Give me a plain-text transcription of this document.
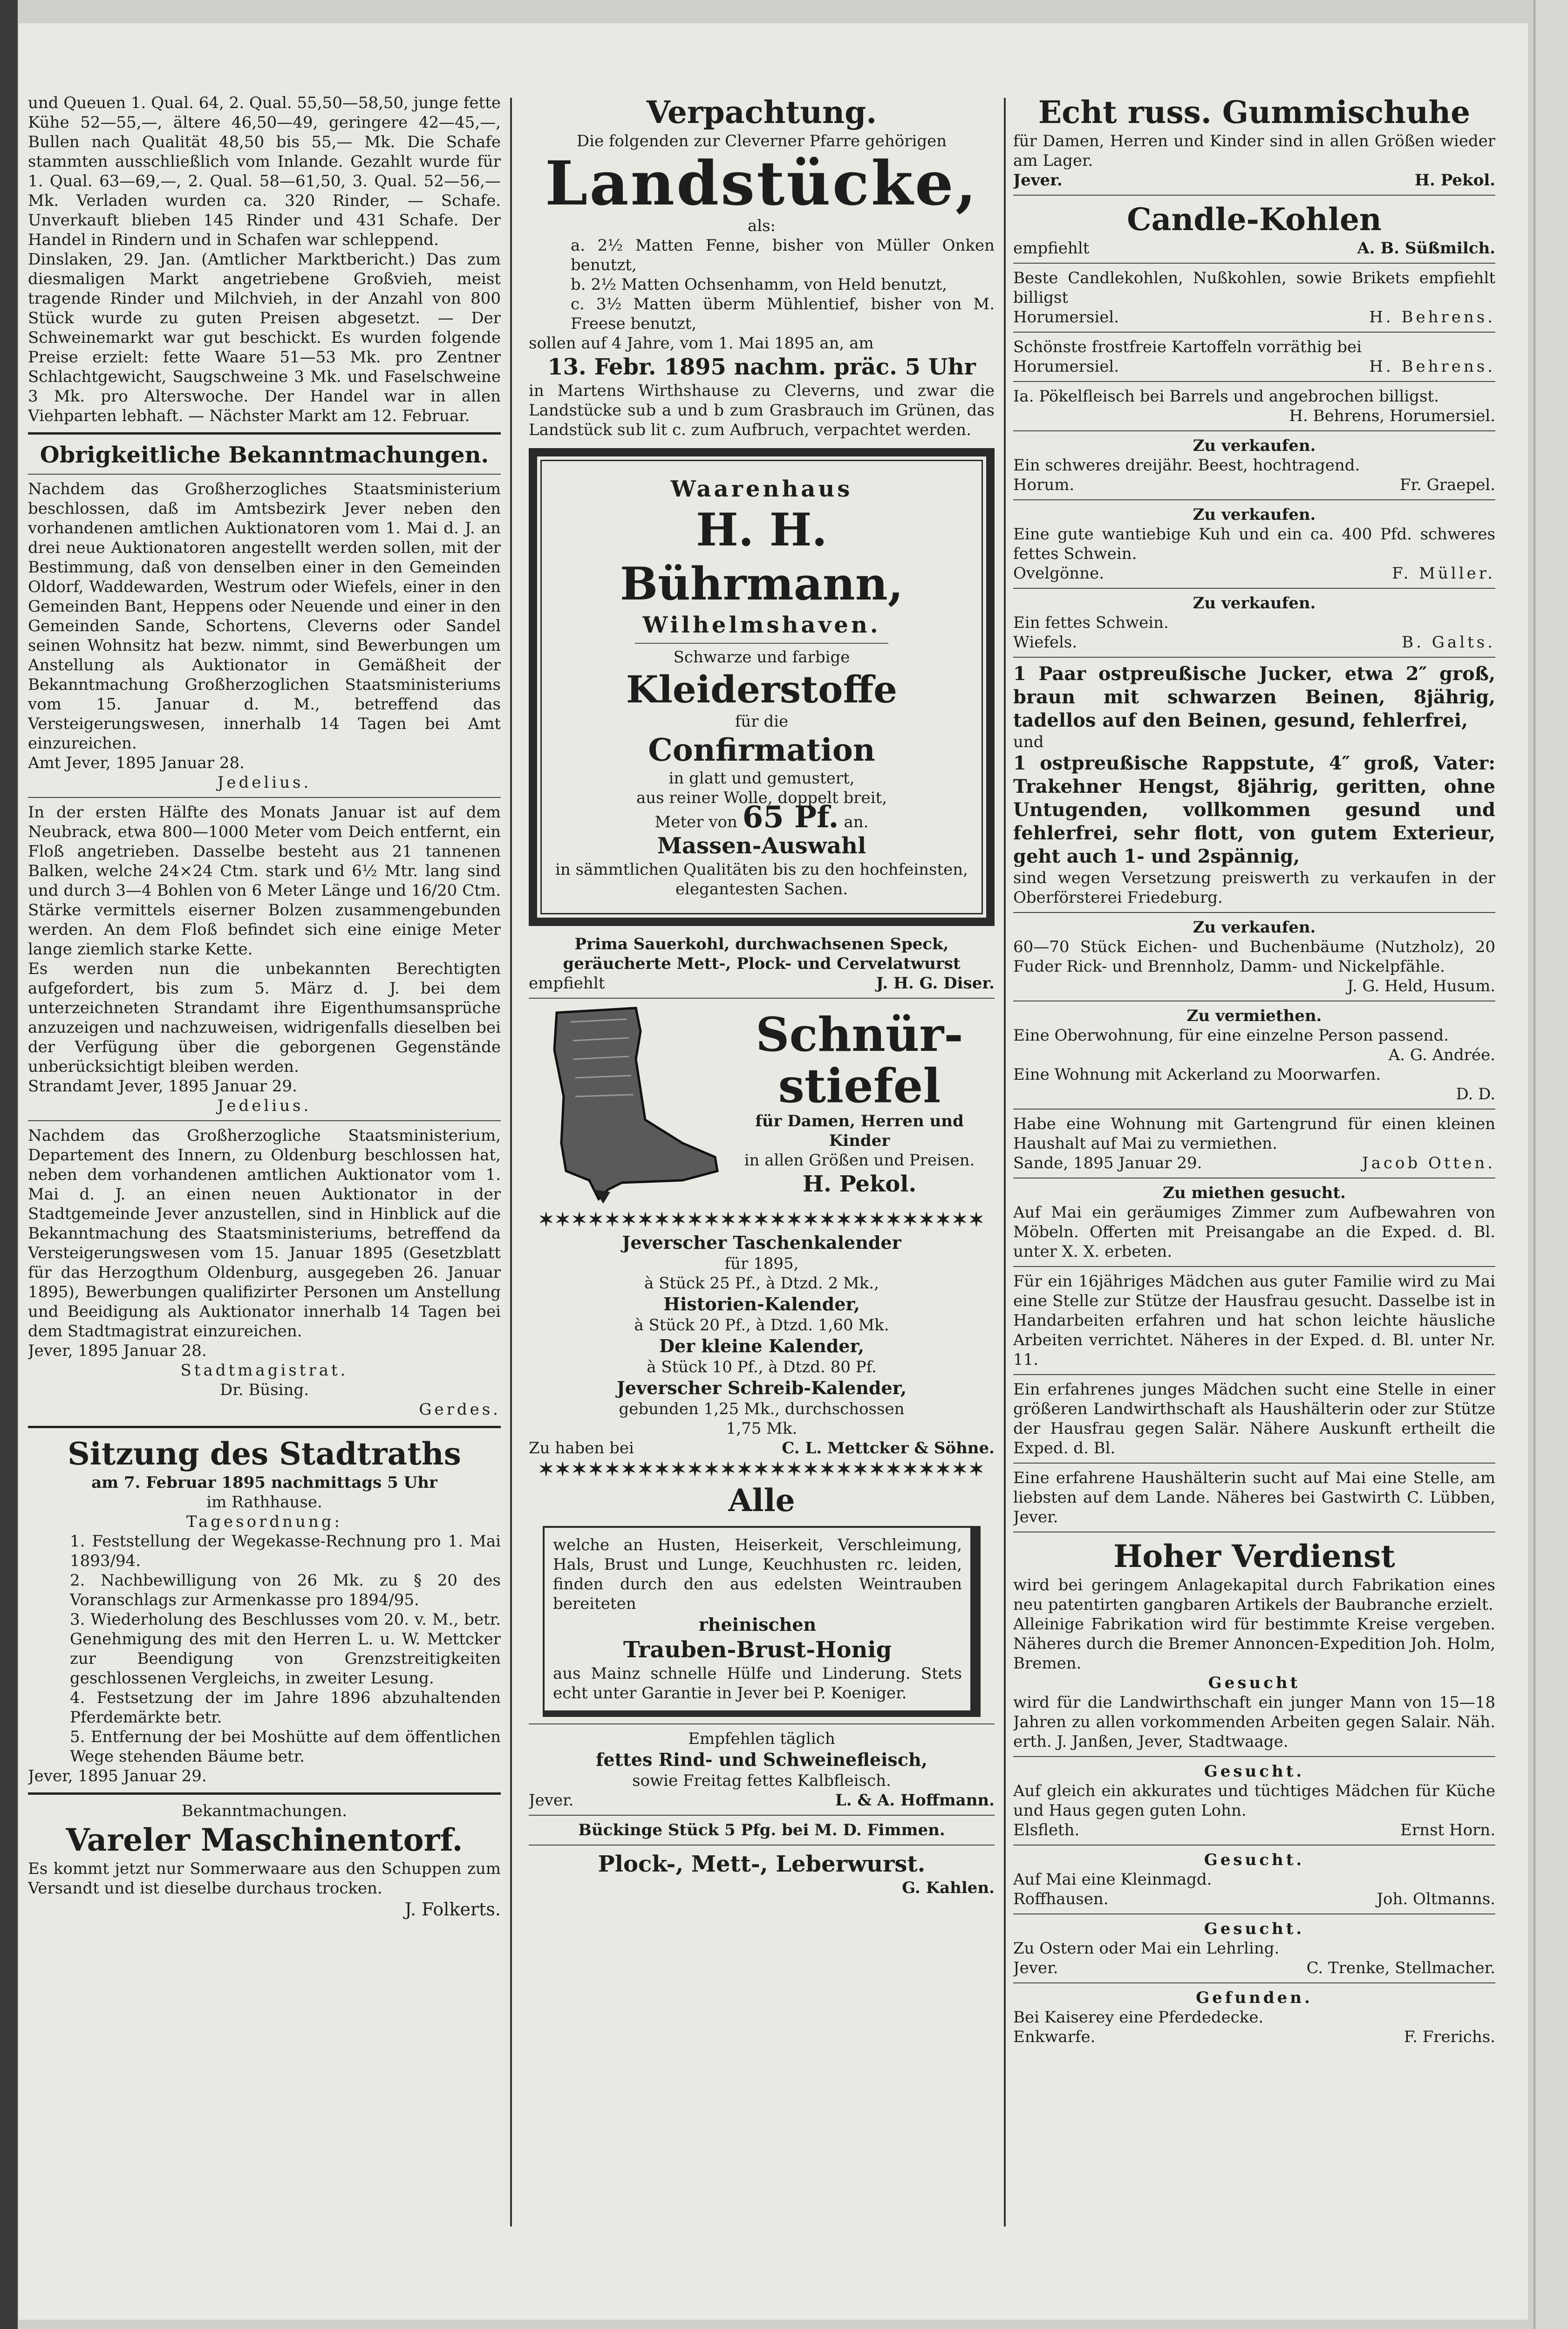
und Queuen 1. Qual. 64, 2. Qual. 55,50—58,50, junge fette Kühe 52—55,—, ältere 46,50—49, geringere 42—45,—, Bullen nach Qualität 48,50 bis 55,— Mk. Die Schafe stammten ausschließlich vom Inlande. Gezahlt wurde für 1. Qual. 63—69,—, 2. Qual. 58—61,50, 3. Qual. 52—56,— Mk. Verladen wurden ca. 320 Rinder, — Schafe. Unverkauft blieben 145 Rinder und 431 Schafe. Der Handel in Rindern und in Schafen war schleppend.

Dinslaken, 29. Jan. (Amtlicher Marktbericht.) Das zum diesmaligen Markt angetriebene Großvieh, meist tragende Rinder und Milchvieh, in der Anzahl von 800 Stück wurde zu guten Preisen abgesetzt. — Der Schweinemarkt war gut beschickt. Es wurden folgende Preise erzielt: fette Waare 51—53 Mk. pro Zentner Schlachtgewicht, Saugschweine 3 Mk. und Faselschweine 3 Mk. pro Alterswoche. Der Handel war in allen Viehparten lebhaft. — Nächster Markt am 12. Februar.

Obrigkeitliche Bekanntmachungen.

Nachdem das Großherzogliches Staatsministerium beschlossen, daß im Amtsbezirk Jever neben den vorhandenen amtlichen Auktionatoren vom 1. Mai d. J. an drei neue Auktionatoren angestellt werden sollen, mit der Bestimmung, daß von denselben einer in den Gemeinden Oldorf, Waddewarden, Westrum oder Wiefels, einer in den Gemeinden Bant, Heppens oder Neuende und einer in den Gemeinden Sande, Schortens, Cleverns oder Sandel seinen Wohnsitz hat bezw. nimmt, sind Bewerbungen um Anstellung als Auktionator in Gemäßheit der Bekanntmachung Großherzoglichen Staatsministeriums vom 15. Januar d. M., betreffend das Versteigerungswesen, innerhalb 14 Tagen bei Amt einzureichen.

Amt Jever, 1895 Januar 28.

Jedelius.

In der ersten Hälfte des Monats Januar ist auf dem Neubrack, etwa 800—1000 Meter vom Deich entfernt, ein Floß angetrieben. Dasselbe besteht aus 21 tannenen Balken, welche 24×24 Ctm. stark und 6½ Mtr. lang sind und durch 3—4 Bohlen von 6 Meter Länge und 16/20 Ctm. Stärke vermittels eiserner Bolzen zusammengebunden werden. An dem Floß befindet sich eine einige Meter lange ziemlich starke Kette.

Es werden nun die unbekannten Berechtigten aufgefordert, bis zum 5. März d. J. bei dem unterzeichneten Strandamt ihre Eigenthumsansprüche anzuzeigen und nachzuweisen, widrigenfalls dieselben bei der Verfügung über die geborgenen Gegenstände unberücksichtigt bleiben werden.

Strandamt Jever, 1895 Januar 29.

Jedelius.

Nachdem das Großherzogliche Staatsministerium, Departement des Innern, zu Oldenburg beschlossen hat, neben dem vorhandenen amtlichen Auktionator vom 1. Mai d. J. an einen neuen Auktionator in der Stadtgemeinde Jever anzustellen, sind in Hinblick auf die Bekanntmachung des Staatsministeriums, betreffend da Versteigerungswesen vom 15. Januar 1895 (Gesetzblatt für das Herzogthum Oldenburg, ausgegeben 26. Januar 1895), Bewerbungen qualifizirter Personen um Anstellung und Beeidigung als Auktionator innerhalb 14 Tagen bei dem Stadtmagistrat einzureichen.

Jever, 1895 Januar 28.

Stadtmagistrat.

Dr. Büsing.

Gerdes.

Sitzung des Stadtraths

am 7. Februar 1895 nachmittags 5 Uhr

im Rathhause.

Tagesordnung:

1. Feststellung der Wegekasse-Rechnung pro 1. Mai 1893/94.

2. Nachbewilligung von 26 Mk. zu § 20 des Voranschlags zur Armenkasse pro 1894/95.

3. Wiederholung des Beschlusses vom 20. v. M., betr. Genehmigung des mit den Herren L. u. W. Mettcker zur Beendigung von Grenzstreitigkeiten geschlossenen Vergleichs, in zweiter Lesung.

4. Festsetzung der im Jahre 1896 abzuhaltenden Pferdemärkte betr.

5. Entfernung der bei Moshütte auf dem öffentlichen Wege stehenden Bäume betr.

Jever, 1895 Januar 29.

Bekanntmachungen.

Vareler Maschinentorf.

Es kommt jetzt nur Sommerwaare aus den Schuppen zum Versandt und ist dieselbe durchaus trocken.

J. Folkerts.

Verpachtung.

Die folgenden zur Cleverner Pfarre gehörigen

Landstücke,

als:

a. 2½ Matten Fenne, bisher von Müller Onken benutzt,

b. 2½ Matten Ochsenhamm, von Held benutzt,

c. 3½ Matten überm Mühlentief, bisher von M. Freese benutzt,

sollen auf 4 Jahre, vom 1. Mai 1895 an, am

13. Febr. 1895 nachm. präc. 5 Uhr

in Martens Wirthshause zu Cleverns, und zwar die Landstücke sub a und b zum Grasbrauch im Grünen, das Landstück sub lit c. zum Aufbruch, verpachtet werden.

Waarenhaus

H. H. Bührmann,

Wilhelmshaven.

Schwarze und farbige

Kleiderstoffe

für die

Confirmation

in glatt und gemustert,

aus reiner Wolle, doppelt breit,

Meter von 65 Pf. an.

Massen-Auswahl

in sämmtlichen Qualitäten bis zu den hochfeinsten, elegantesten Sachen.

Prima Sauerkohl, durchwachsenen Speck, geräucherte Mett-, Plock- und Cervelatwurst

empfiehlt	J. H. G. Diser.

Schnür-

stiefel

für Damen, Herren und Kinder

in allen Größen und Preisen.

H. Pekol.

✶✶✶✶✶✶✶✶✶✶✶✶✶✶✶✶✶✶✶✶✶✶✶✶✶✶✶

Jeverscher Taschenkalender

für 1895,

à Stück 25 Pf., à Dtzd. 2 Mk.,

Historien-Kalender,

à Stück 20 Pf., à Dtzd. 1,60 Mk.

Der kleine Kalender,

à Stück 10 Pf., à Dtzd. 80 Pf.

Jeverscher Schreib-Kalender,

gebunden 1,25 Mk., durchschossen

1,75 Mk.

Zu haben bei	C. L. Mettcker & Söhne.

✶✶✶✶✶✶✶✶✶✶✶✶✶✶✶✶✶✶✶✶✶✶✶✶✶✶✶

Alle

welche an Husten, Heiserkeit, Verschleimung, Hals, Brust und Lunge, Keuchhusten rc. leiden, finden durch den aus edelsten Weintrauben bereiteten

rheinischen

Trauben-Brust-Honig

aus Mainz schnelle Hülfe und Linderung. Stets echt unter Garantie in Jever bei P. Koeniger.

Empfehlen täglich

fettes Rind- und Schweinefleisch,

sowie Freitag fettes Kalbfleisch.

Jever.	L. & A. Hoffmann.

Bückinge Stück 5 Pfg. bei M. D. Fimmen.

Plock-, Mett-, Leberwurst.

G. Kahlen.

Echt russ. Gummischuhe

für Damen, Herren und Kinder sind in allen Größen wieder am Lager.

Jever.	H. Pekol.

Candle-Kohlen

empfiehlt	A. B. Süßmilch.

Beste Candlekohlen, Nußkohlen, sowie Brikets empfiehlt billigst

Horumersiel.	H. Behrens.

Schönste frostfreie Kartoffeln vorräthig bei

Horumersiel.	H. Behrens.

Ia. Pökelfleisch bei Barrels und angebrochen billigst.

H. Behrens, Horumersiel.

Zu verkaufen.

Ein schweres dreijähr. Beest, hochtragend.

Horum.	Fr. Graepel.

Zu verkaufen.

Eine gute wantiebige Kuh und ein ca. 400 Pfd. schweres fettes Schwein.

Ovelgönne.	F. Müller.

Zu verkaufen.

Ein fettes Schwein.

Wiefels.	B. Galts.

1 Paar ostpreußische Jucker, etwa 2″ groß, braun mit schwarzen Beinen, 8jährig, tadellos auf den Beinen, gesund, fehlerfrei,

und

1 ostpreußische Rappstute, 4″ groß, Vater: Trakehner Hengst, 8jährig, geritten, ohne Untugenden, vollkommen gesund und fehlerfrei, sehr flott, von gutem Exterieur, geht auch 1- und 2spännig,

sind wegen Versetzung preiswerth zu verkaufen in der Oberförsterei Friedeburg.

Zu verkaufen.

60—70 Stück Eichen- und Buchenbäume (Nutzholz), 20 Fuder Rick- und Brennholz, Damm- und Nickelpfähle.

J. G. Held, Husum.

Zu vermiethen.

Eine Oberwohnung, für eine einzelne Person passend.

A. G. Andrée.

Eine Wohnung mit Ackerland zu Moorwarfen.

D. D.

Habe eine Wohnung mit Gartengrund für einen kleinen Haushalt auf Mai zu vermiethen.

Sande, 1895 Januar 29.	Jacob Otten.

Zu miethen gesucht.

Auf Mai ein geräumiges Zimmer zum Aufbewahren von Möbeln. Offerten mit Preisangabe an die Exped. d. Bl. unter X. X. erbeten.

Für ein 16jähriges Mädchen aus guter Familie wird zu Mai eine Stelle zur Stütze der Hausfrau gesucht. Dasselbe ist in Handarbeiten erfahren und hat schon leichte häusliche Arbeiten verrichtet. Näheres in der Exped. d. Bl. unter Nr. 11.

Ein erfahrenes junges Mädchen sucht eine Stelle in einer größeren Landwirthschaft als Haushälterin oder zur Stütze der Hausfrau gegen Salär. Nähere Auskunft ertheilt die Exped. d. Bl.

Eine erfahrene Haushälterin sucht auf Mai eine Stelle, am liebsten auf dem Lande. Näheres bei Gastwirth C. Lübben, Jever.

Hoher Verdienst

wird bei geringem Anlagekapital durch Fabrikation eines neu patentirten gangbaren Artikels der Baubranche erzielt.

Alleinige Fabrikation wird für bestimmte Kreise vergeben. Näheres durch die Bremer Annoncen-Expedition Joh. Holm, Bremen.

Gesucht

wird für die Landwirthschaft ein junger Mann von 15—18 Jahren zu allen vorkommenden Arbeiten gegen Salair. Näh. erth. J. Janßen, Jever, Stadtwaage.

Gesucht.

Auf gleich ein akkurates und tüchtiges Mädchen für Küche und Haus gegen guten Lohn.

Elsfleth.	Ernst Horn.

Gesucht.

Auf Mai eine Kleinmagd.

Roffhausen.	Joh. Oltmanns.

Gesucht.

Zu Ostern oder Mai ein Lehrling.

Jever.	C. Trenke, Stellmacher.

Gefunden.

Bei Kaiserey eine Pferdedecke.

Enkwarfe.	F. Frerichs.
